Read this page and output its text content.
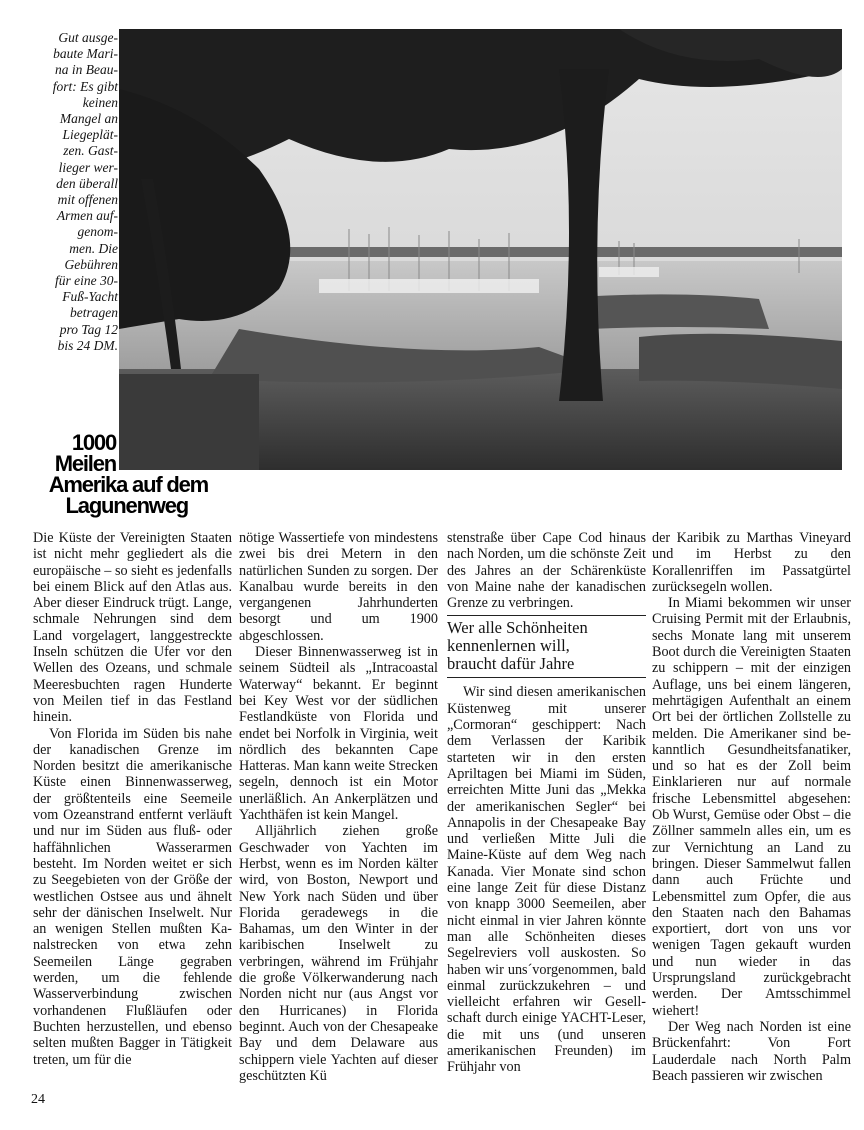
Gut ausge-
baute Mari-
na in Beau-
fort: Es gibt
keinen
Mangel an
Liegeplät-
zen. Gast-
lieger wer-
den überall
mit offenen
Armen auf-
genom-
men. Die
Gebühren
für eine 30-
Fuß-Yacht
betragen
pro Tag 12
bis 24 DM.
1000
Meilen
Amerika auf dem
Lagunenweg

Die Küste der Vereinigten Staaten ist nicht mehr gegliedert als die europäische – so sieht es jedenfalls bei einem Blick auf den Atlas aus. Aber dieser Eindruck trügt. Lange, schmale Nehrungen sind dem Land vorgelagert, langgestreckte Inseln schützen die Ufer vor den Wellen des Ozeans, und schmale Meeresbuchten ragen Hunderte von Meilen tief in das Festland hinein.

Von Florida im Süden bis nahe der kanadischen Grenze im Norden besitzt die amerikanische Küste einen Binnenwasserweg, der größtenteils eine Seemeile vom Ozeanstrand entfernt verläuft und nur im Süden aus fluß- oder haffähnlichen Wasserarmen besteht. Im Norden weitet er sich zu Seegebieten von der Größe der westlichen Ostsee aus und ähnelt sehr der dänischen Inselwelt. Nur an wenigen Stellen mußten Kanalstrecken von etwa zehn Seemeilen Länge gegraben werden, um die fehlende Wasserverbindung zwischen vorhandenen Flußläufen oder Buchten herzustellen, und ebenso selten mußten Bagger in Tätigkeit treten, um für die

nötige Wassertiefe von mindestens zwei bis drei Metern in den natürlichen Sunden zu sorgen. Der Kanalbau wurde bereits in den vergangenen Jahrhunderten besorgt und um 1900 abgeschlossen.

Dieser Binnenwasserweg ist in seinem Südteil als „Intracoastal Waterway“ bekannt. Er beginnt bei Key West vor der südlichen Festlandküste von Florida und endet bei Norfolk in Virginia, weit nördlich des bekannten Cape Hatteras. Man kann weite Strecken segeln, dennoch ist ein Motor unerläßlich. An Ankerplätzen und Yachthäfen ist kein Mangel.

Alljährlich ziehen große Geschwader von Yachten im Herbst, wenn es im Norden kälter wird, von Boston, Newport und New York nach Süden und über Florida geradewegs in die Bahamas, um den Winter in der karibischen Inselwelt zu verbringen, während im Frühjahr die große Völkerwanderung nach Norden nicht nur (aus Angst vor den Hurricanes) in Florida beginnt. Auch von der Chesapeake Bay und dem Delaware aus schippern viele Yachten auf dieser geschützten Kü

stenstraße über Cape Cod hinaus nach Norden, um die schönste Zeit des Jahres an der Schärenküste von Maine nahe der kanadischen Grenze zu verbringen.

Wer alle Schönheiten
kennenlernen will,
braucht dafür Jahre

Wir sind diesen amerikanischen Küstenweg mit unserer „Cormoran“ geschippert: Nach dem Verlassen der Karibik starteten wir in den ersten Apriltagen bei Miami im Süden, erreichten Mitte Juni das „Mekka der amerikanischen Segler“ bei Annapolis in der Chesapeake Bay und verließen Mitte Juli die Maine-Küste auf dem Weg nach Kanada. Vier Monate sind schon eine lange Zeit für diese Distanz von knapp 3000 Seemeilen, aber nicht einmal in vier Jahren könnte man alle Schönheiten dieses Segelreviers voll auskosten. So haben wir uns´vorgenommen, bald einmal zurückzukehren – und vielleicht erfahren wir Gesellschaft durch einige YACHT-Leser, die mit uns (und unseren amerikanischen Freunden) im Frühjahr von

der Karibik zu Marthas Vineyard und im Herbst zu den Korallenriffen im Passatgürtel zurücksegeln wollen.

In Miami bekommen wir unser Cruising Permit mit der Erlaubnis, sechs Monate lang mit unserem Boot durch die Vereinigten Staaten zu schippern – mit der einzigen Auflage, uns bei einem längeren, mehrtägigen Aufenthalt an einem Ort bei der örtlichen Zollstelle zu melden. Die Amerikaner sind bekanntlich Gesundheitsfanatiker, und so hat es der Zoll beim Einklarieren nur auf normale frische Lebensmittel abgesehen: Ob Wurst, Gemüse oder Obst – die Zöllner sammeln alles ein, um es zur Vernichtung an Land zu bringen. Dieser Sammelwut fallen dann auch Früchte und Lebensmittel zum Opfer, die aus den Staaten nach den Bahamas exportiert, dort von uns vor wenigen Tagen gekauft wurden und nun wieder in das Ursprungsland zurückgebracht werden. Der Amtsschimmel wiehert!

Der Weg nach Norden ist eine Brückenfahrt: Von Fort Lauderdale nach North Palm Beach passieren wir zwischen

24
